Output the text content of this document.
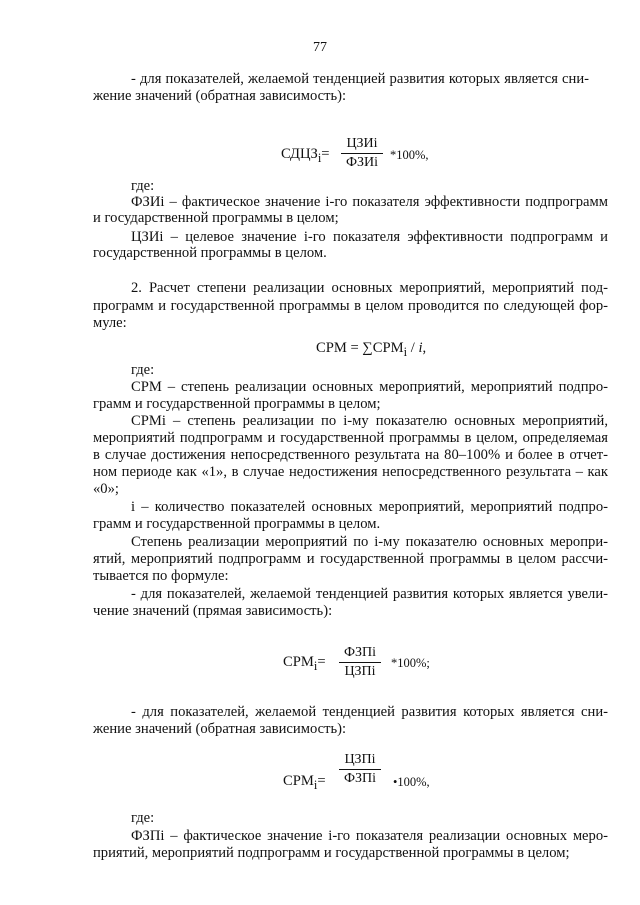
77
- для показателей, желаемой тенденцией развития которых является сни-
жение значений (обратная зависимость):
$СДЦЗ_i=$
ЦЗИi
ФЗИi *100%,
где:
ФЗИi – фактическое значение i-го показателя эффективности подпрограмм
и государственной программы в целом;
ЦЗИi – целевое значение i-го показателя эффективности подпрограмм и
государственной программы в целом.
2. Расчет степени реализации основных мероприятий, мероприятий под-
программ и государственной программы в целом проводится по следующей фор-
муле:
СРМ = $\sum СРМ_i$ / i,
где:
СРМ – степень реализации основных мероприятий, мероприятий подпро-
грамм и государственной программы в целом;
СРМi – степень реализации по i-му показателю основных мероприятий,
мероприятий подпрограмм и государственной программы в целом, определяемая
в случае достижения непосредственного результата на 80–100% и более в отчет-
ном периоде как «1», в случае недостижения непосредственного результата – как
«0»;
i – количество показателей основных мероприятий, мероприятий подпро-
грамм и государственной программы в целом.
Степень реализации мероприятий по i-му показателю основных меропри-
ятий, мероприятий подпрограмм и государственной программы в целом рассчи-
тывается по формуле:
- для показателей, желаемой тенденцией развития которых является увели-
чение значений (прямая зависимость):
$СРМ_i=$
ФЗПi
ЦЗПi
*100%;
- для показателей, желаемой тенденцией развития которых является сни-
жение значений (обратная зависимость):
$СРМ_i=$
ЦЗПi
ФЗПi	•100%,
где:
ФЗПi – фактическое значение i-го показателя реализации основных меро-
приятий, мероприятий подпрограмм и государственной программы в целом;
